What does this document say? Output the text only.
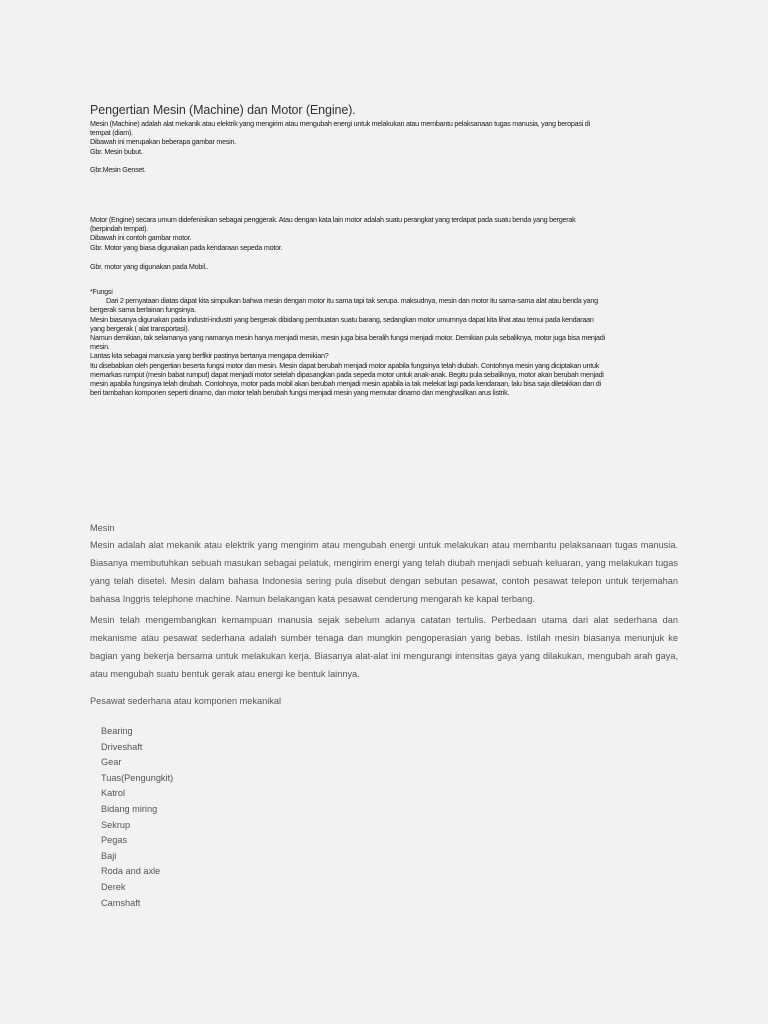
Pengertian Mesin (Machine) dan Motor (Engine).
Mesin (Machine) adalah alat mekanik atau elektrik yang mengirim atau mengubah energi untuk melakukan atau membantu pelaksanaan tugas manusia, yang beropasi di
tempat (diam).
Dibawah ini merupakan beberapa gambar mesin.
Gbr. Mesin bubut.
Gbr.Mesin Genset.
Motor (Engine) secara umum didefenisikan sebagai penggerak. Atau dengan kata lain motor adalah suatu perangkat yang terdapat pada suatu benda yang bergerak
(berpindah tempat).
Dibawah ini contoh gambar motor.
Gbr. Motor yang biasa digunakan pada kendaraan sepeda motor.
Gbr. motor yang digunakan pada Mobil..
*Fungsi
Dari 2 pernyataan diatas dapat kita simpulkan bahwa mesin dengan motor itu sama tapi tak serupa. maksudnya, mesin dan motor itu sama-sama alat atau benda yang
bergerak sama berlainan fungsinya.
Mesin biasanya digunakan pada industri-industri yang bergerak dibidang pembuatan suatu barang, sedangkan motor umumnya dapat kita lihat atau temui pada kendaraan
yang bergerak ( alat transportasi).
Namun demikian, tak selamanya yang namanya mesin hanya menjadi mesin, mesin juga bisa beralih fungsi menjadi motor. Demikian pula sebaliknya, motor juga bisa menjadi
mesin.
Lantas kita sebagai manusia yang berfikir pastinya bertanya mengapa demikian?
Itu disebabkan oleh pengertian beserta fungsi motor dan mesin. Mesin dapat berubah menjadi motor apabila fungsinya telah diubah. Contohnya mesin yang diciptakan untuk
memarkas rumput (mesin babat rumput) dapat menjadi motor setelah dipasangkan pada sepeda motor untuk anak-anak. Begitu pula sebaliknya, motor akan berubah menjadi
mesin apabila fungsinya telah dirubah. Contohnya, motor pada mobil akan berubah menjadi mesin apabila ia tak melekat lagi pada kendaraan, lalu bisa saja diletakkan dan di
beri tambahan komponen seperti dinamo, dan motor telah berubah fungsi menjadi mesin yang memutar dinamo dan menghasilkan arus listrik.
Mesin
Mesin adalah alat mekanik atau elektrik yang mengirim atau mengubah energi untuk melakukan atau membantu pelaksanaan tugas manusia. Biasanya membutuhkan sebuah masukan sebagai pelatuk, mengirim energi yang telah diubah menjadi sebuah keluaran, yang melakukan tugas yang telah disetel. Mesin dalam bahasa Indonesia sering pula disebut dengan sebutan pesawat, contoh pesawat telepon untuk terjemahan bahasa Inggris telephone machine. Namun belakangan kata pesawat cenderung mengarah ke kapal terbang.
Mesin telah mengembangkan kemampuan manusia sejak sebelum adanya catatan tertulis. Perbedaan utama dari alat sederhana dan mekanisme atau pesawat sederhana adalah sumber tenaga dan mungkin pengoperasian yang bebas. Istilah mesin biasanya menunjuk ke bagian yang bekerja bersama untuk melakukan kerja. Biasanya alat-alat ini mengurangi intensitas gaya yang dilakukan, mengubah arah gaya, atau mengubah suatu bentuk gerak atau energi ke bentuk lainnya.
Pesawat sederhana atau komponen mekanikal
Bearing
Driveshaft
Gear
Tuas(Pengungkit)
Katrol
Bidang miring
Sekrup
Pegas
Baji
Roda and axle
Derek
Camshaft
